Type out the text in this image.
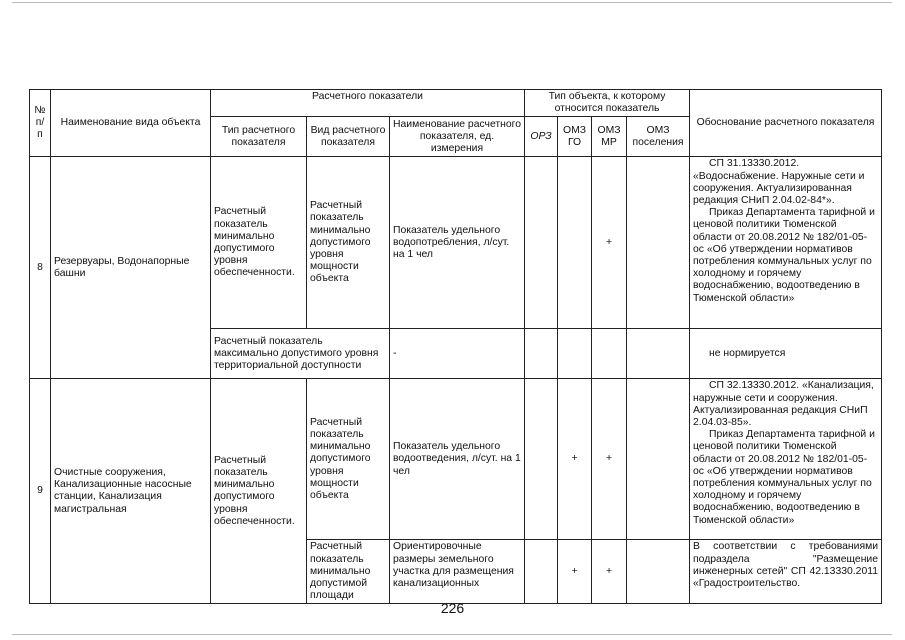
№ п/п	Наименование вида объекта	Расчетного показатели			Тип объекта, к которому относится показатель				Обоснование расчетного показателя
		Тип расчетного показателя	Вид расчетного показателя	Наименование расчетного показателя, ед. измерения	ОРЗ	ОМЗ ГО	ОМЗ МР	ОМЗ поселения	
8	Резервуары, Водонапорные башни	Расчетный показатель минимально допустимого уровня обеспеченности.	Расчетный показатель минимально допустимого уровня мощности объекта	Показатель удельного водопотребления, л/сут. на 1 чел			+		СП 31.13330.2012. «Водоснабжение. Наружные сети и сооружения. Актуализированная редакция СНиП 2.04.02-84*».
Приказ Департамента тарифной и ценовой политики Тюменской области от 20.08.2012 № 182/01-05-ос «Об утверждении нормативов потребления коммунальных услуг по холодному и горячему водоснабжению, водоотведению в Тюменской области»

		Расчетный показатель максимально допустимого уровня территориальной доступности		-					не нормируется
9	Очистные сооружения, Канализационные насосные станции, Канализация магистральная	Расчетный показатель минимально допустимого уровня обеспеченности.	Расчетный показатель минимально допустимого уровня мощности объекта	Показатель удельного водоотведения, л/сут. на 1 чел		+	+		СП 32.13330.2012. «Канализация, наружные сети и сооружения. Актуализированная редакция СНиП 2.04.03-85».
Приказ Департамента тарифной и ценовой политики Тюменской области от 20.08.2012 № 182/01-05-ос «Об утверждении нормативов потребления коммунальных услуг по холодному и горячему водоснабжению, водоотведению в Тюменской области»

			Расчетный показатель минимально допустимой площади	Ориентировочные размеры земельного участка для размещения канализационных		+	+		В соответствии с требованиями подраздела "Размещение инженерных сетей" СП 42.13330.2011 «Градостроительство.
226
